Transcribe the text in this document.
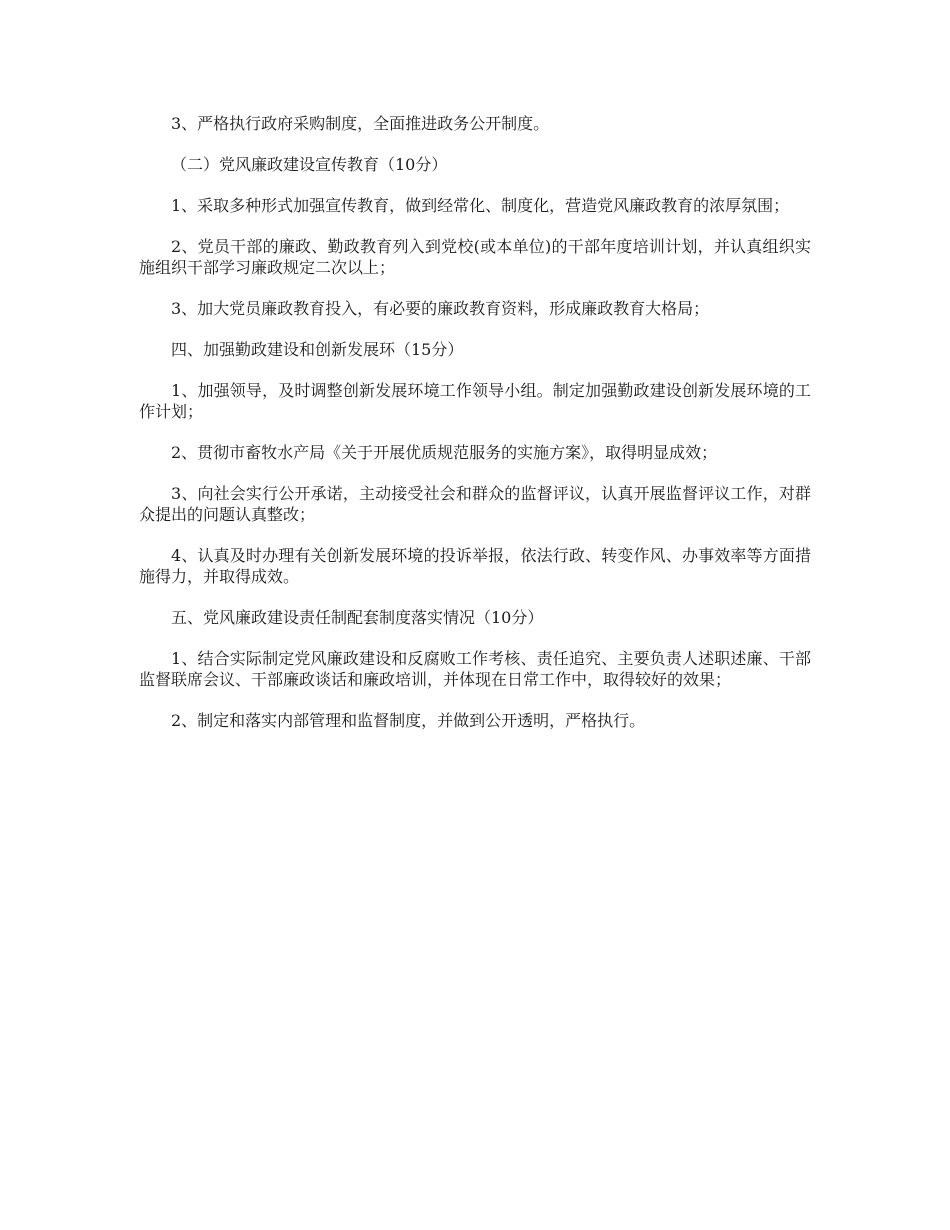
3、严格执行政府采购制度，全面推进政务公开制度。

（二）党风廉政建设宣传教育（10分）

1、采取多种形式加强宣传教育，做到经常化、制度化，营造党风廉政教育的浓厚氛围；

2、党员干部的廉政、勤政教育列入到党校(或本单位)的干部年度培训计划，并认真组织实施组织干部学习廉政规定二次以上；

3、加大党员廉政教育投入，有必要的廉政教育资料，形成廉政教育大格局；

四、加强勤政建设和创新发展环（15分）

1、加强领导，及时调整创新发展环境工作领导小组。制定加强勤政建设创新发展环境的工作计划；

2、贯彻市畜牧水产局《关于开展优质规范服务的实施方案》，取得明显成效；

3、向社会实行公开承诺，主动接受社会和群众的监督评议，认真开展监督评议工作，对群众提出的问题认真整改；

4、认真及时办理有关创新发展环境的投诉举报，依法行政、转变作风、办事效率等方面措施得力，并取得成效。

五、党风廉政建设责任制配套制度落实情况（10分）

1、结合实际制定党风廉政建设和反腐败工作考核、责任追究、主要负责人述职述廉、干部监督联席会议、干部廉政谈话和廉政培训，并体现在日常工作中，取得较好的效果；

2、制定和落实内部管理和监督制度，并做到公开透明，严格执行。
